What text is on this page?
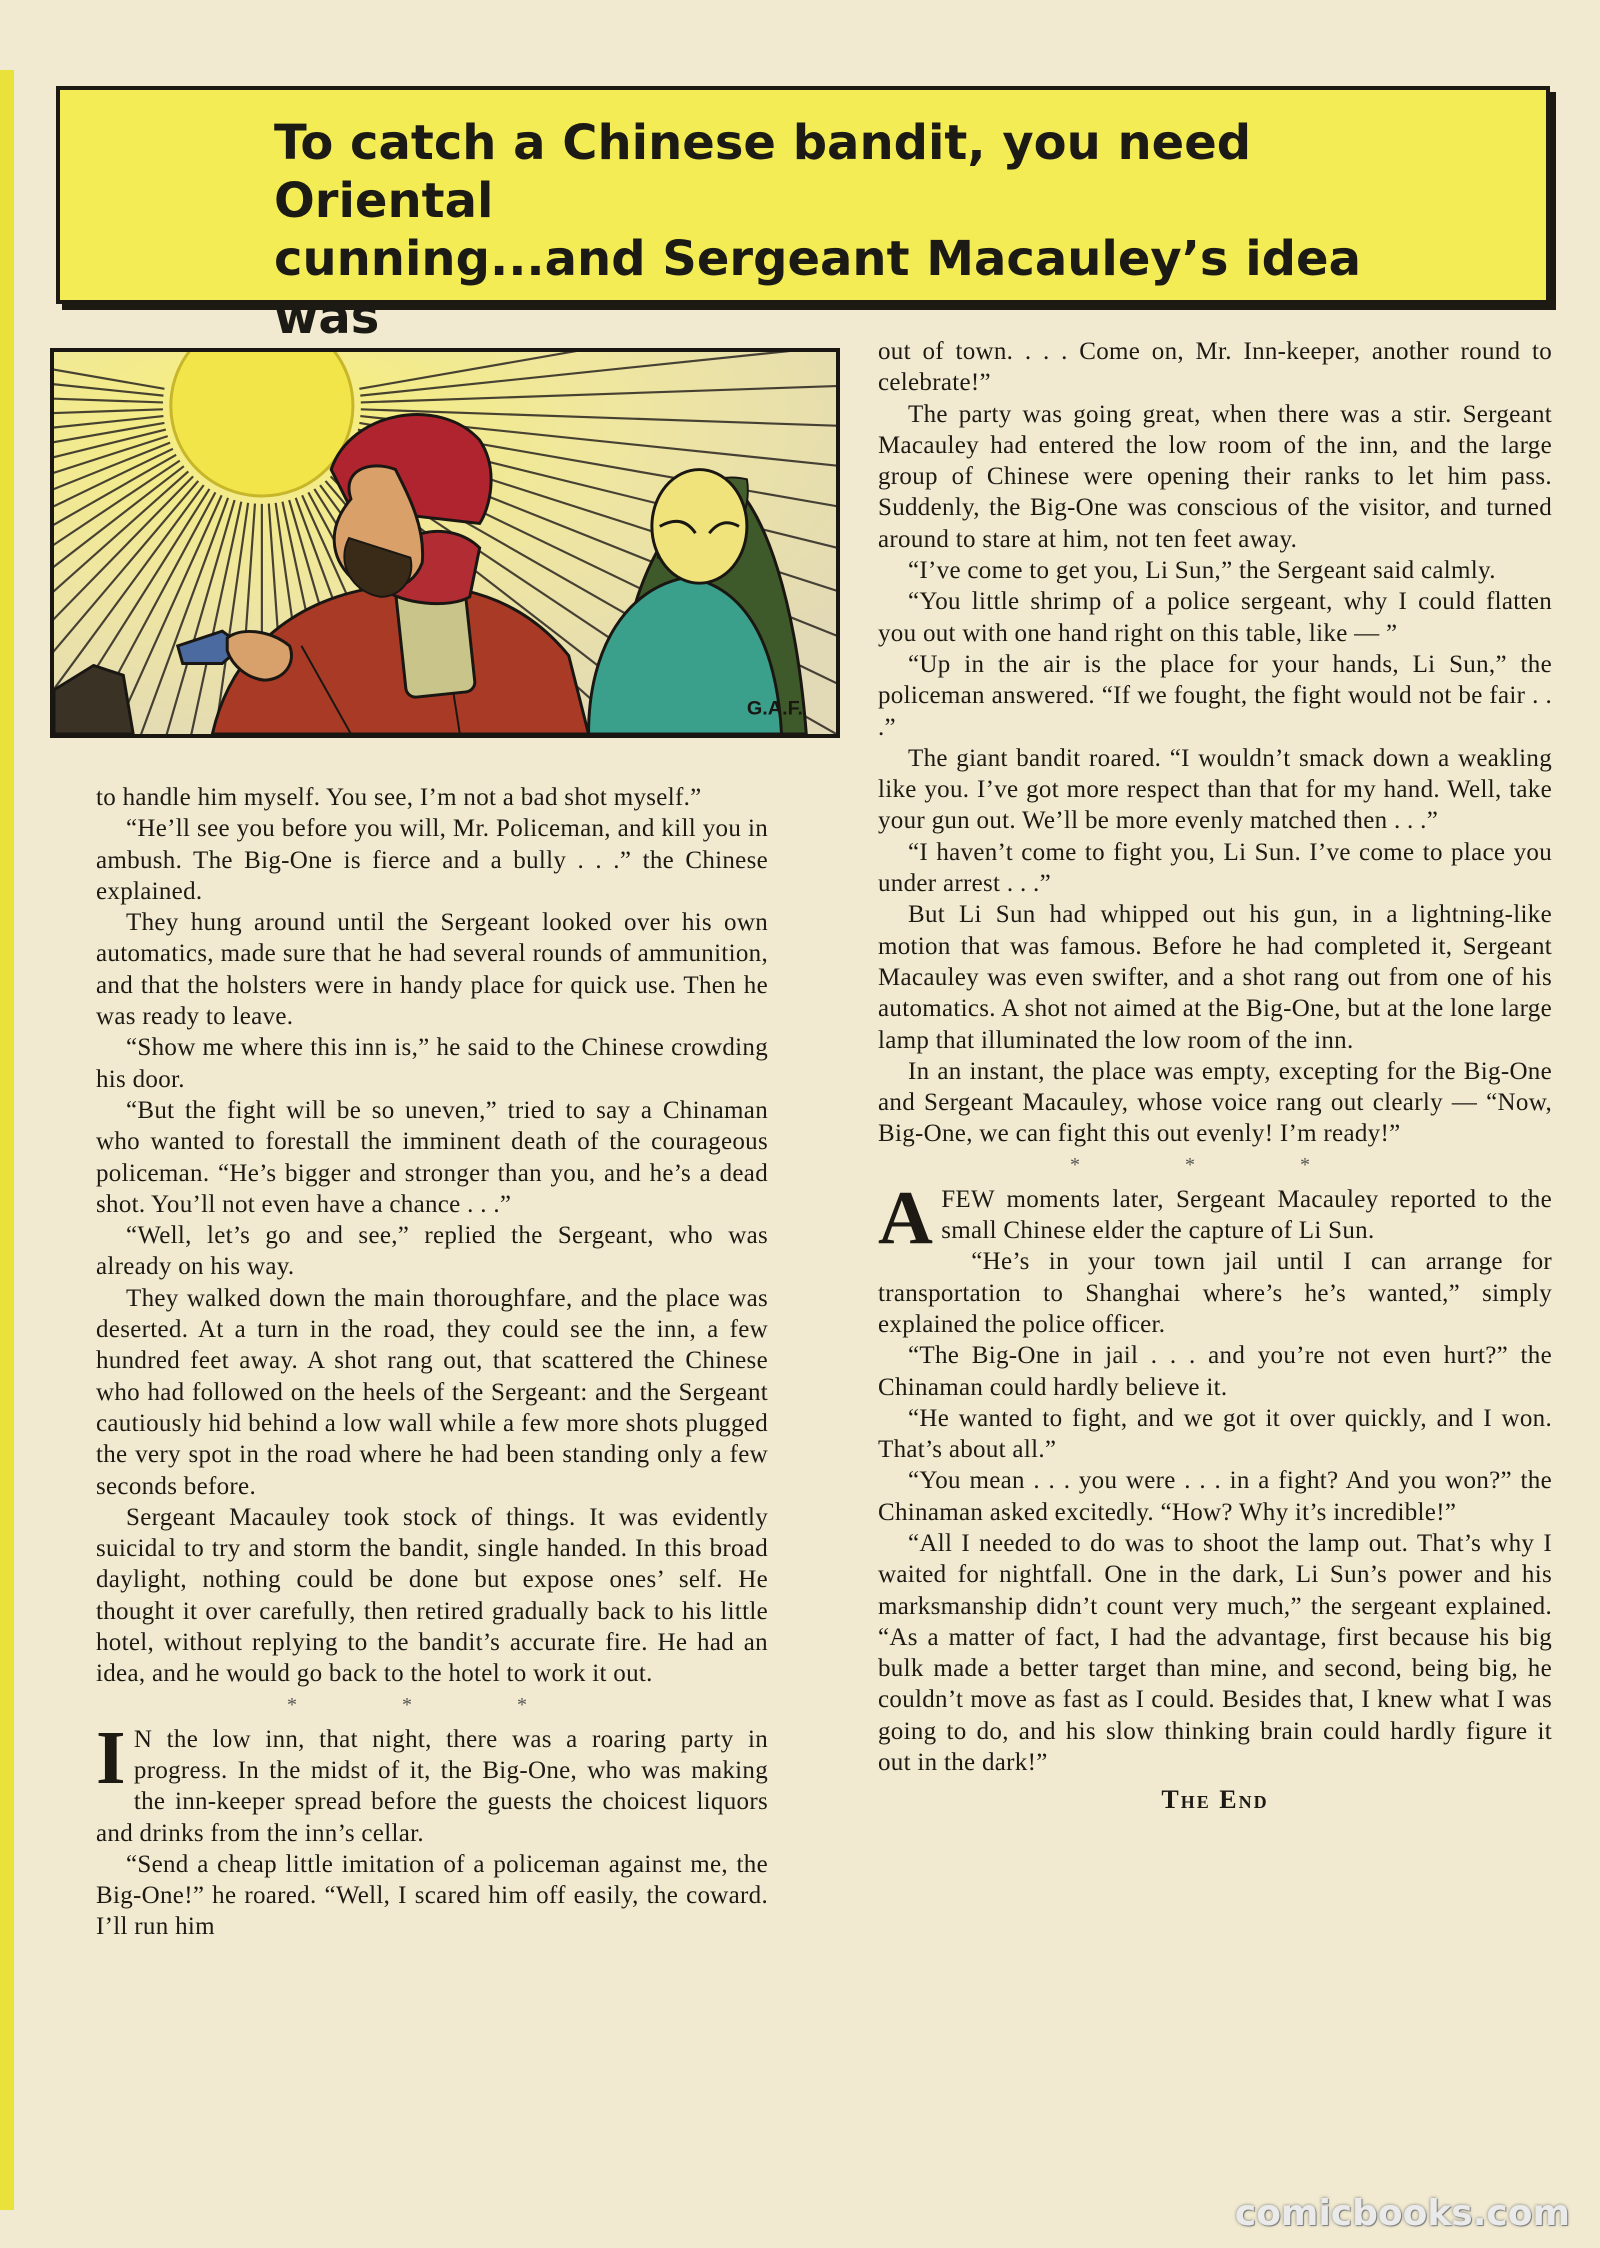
To catch a Chinese bandit, you need Oriental
cunning...and Sergeant Macauley’s idea was
G.A.F.

to handle him myself. You see, I’m not a bad shot myself.”

“He’ll see you before you will, Mr. Policeman, and kill you in ambush. The Big-One is fierce and a bully . . .” the Chinese explained.

They hung around until the Sergeant looked over his own automatics, made sure that he had several rounds of ammunition, and that the holsters were in handy place for quick use. Then he was ready to leave.

“Show me where this inn is,” he said to the Chinese crowding his door.

“But the fight will be so uneven,” tried to say a Chinaman who wanted to forestall the imminent death of the courageous policeman. “He’s bigger and stronger than you, and he’s a dead shot. You’ll not even have a chance . . .”

“Well, let’s go and see,” replied the Sergeant, who was already on his way.

They walked down the main thoroughfare, and the place was deserted. At a turn in the road, they could see the inn, a few hundred feet away. A shot rang out, that scattered the Chinese who had followed on the heels of the Sergeant: and the Sergeant cautiously hid behind a low wall while a few more shots plugged the very spot in the road where he had been standing only a few seconds before.

Sergeant Macauley took stock of things. It was evidently suicidal to try and storm the bandit, single handed. In this broad daylight, nothing could be done but expose ones’ self. He thought it over carefully, then retired gradually back to his little hotel, without replying to the bandit’s accurate fire. He had an idea, and he would go back to the hotel to work it out.

* * *

I N the low inn, that night, there was a roaring party in progress. In the midst of it, the Big-One, who was making the inn-keeper spread before the guests the choicest liquors and drinks from the inn’s cellar.

“Send a cheap little imitation of a policeman against me, the Big-One!” he roared. “Well, I scared him off easily, the coward. I’ll run him

out of town. . . . Come on, Mr. Inn-keeper, another round to celebrate!”

The party was going great, when there was a stir. Sergeant Macauley had entered the low room of the inn, and the large group of Chinese were opening their ranks to let him pass. Suddenly, the Big-One was conscious of the visitor, and turned around to stare at him, not ten feet away.

“I’ve come to get you, Li Sun,” the Sergeant said calmly.

“You little shrimp of a police sergeant, why I could flatten you out with one hand right on this table, like — ”

“Up in the air is the place for your hands, Li Sun,” the policeman answered. “If we fought, the fight would not be fair . . .”

The giant bandit roared. “I wouldn’t smack down a weakling like you. I’ve got more respect than that for my hand. Well, take your gun out. We’ll be more evenly matched then . . .”

“I haven’t come to fight you, Li Sun. I’ve come to place you under arrest . . .”

But Li Sun had whipped out his gun, in a lightning-like motion that was famous. Before he had completed it, Sergeant Macauley was even swifter, and a shot rang out from one of his automatics. A shot not aimed at the Big-One, but at the lone large lamp that illuminated the low room of the inn.

In an instant, the place was empty, excepting for the Big-One and Sergeant Macauley, whose voice rang out clearly — “Now, Big-One, we can fight this out evenly! I’m ready!”

* * *

AFEW moments later, Sergeant Macauley reported to the small Chinese elder the capture of Li Sun.

“He’s in your town jail until I can arrange for transportation to Shanghai where’s he’s wanted,” simply explained the police officer.

“The Big-One in jail . . . and you’re not even hurt?” the Chinaman could hardly believe it.

“He wanted to fight, and we got it over quickly, and I won. That’s about all.”

“You mean . . . you were . . . in a fight? And you won?” the Chinaman asked excitedly. “How? Why it’s incredible!”

“All I needed to do was to shoot the lamp out. That’s why I waited for nightfall. One in the dark, Li Sun’s power and his marksmanship didn’t count very much,” the sergeant explained. “As a matter of fact, I had the advantage, first because his big bulk made a better target than mine, and second, being big, he couldn’t move as fast as I could. Besides that, I knew what I was going to do, and his slow thinking brain could hardly figure it out in the dark!”

The End
comicbooks.com
